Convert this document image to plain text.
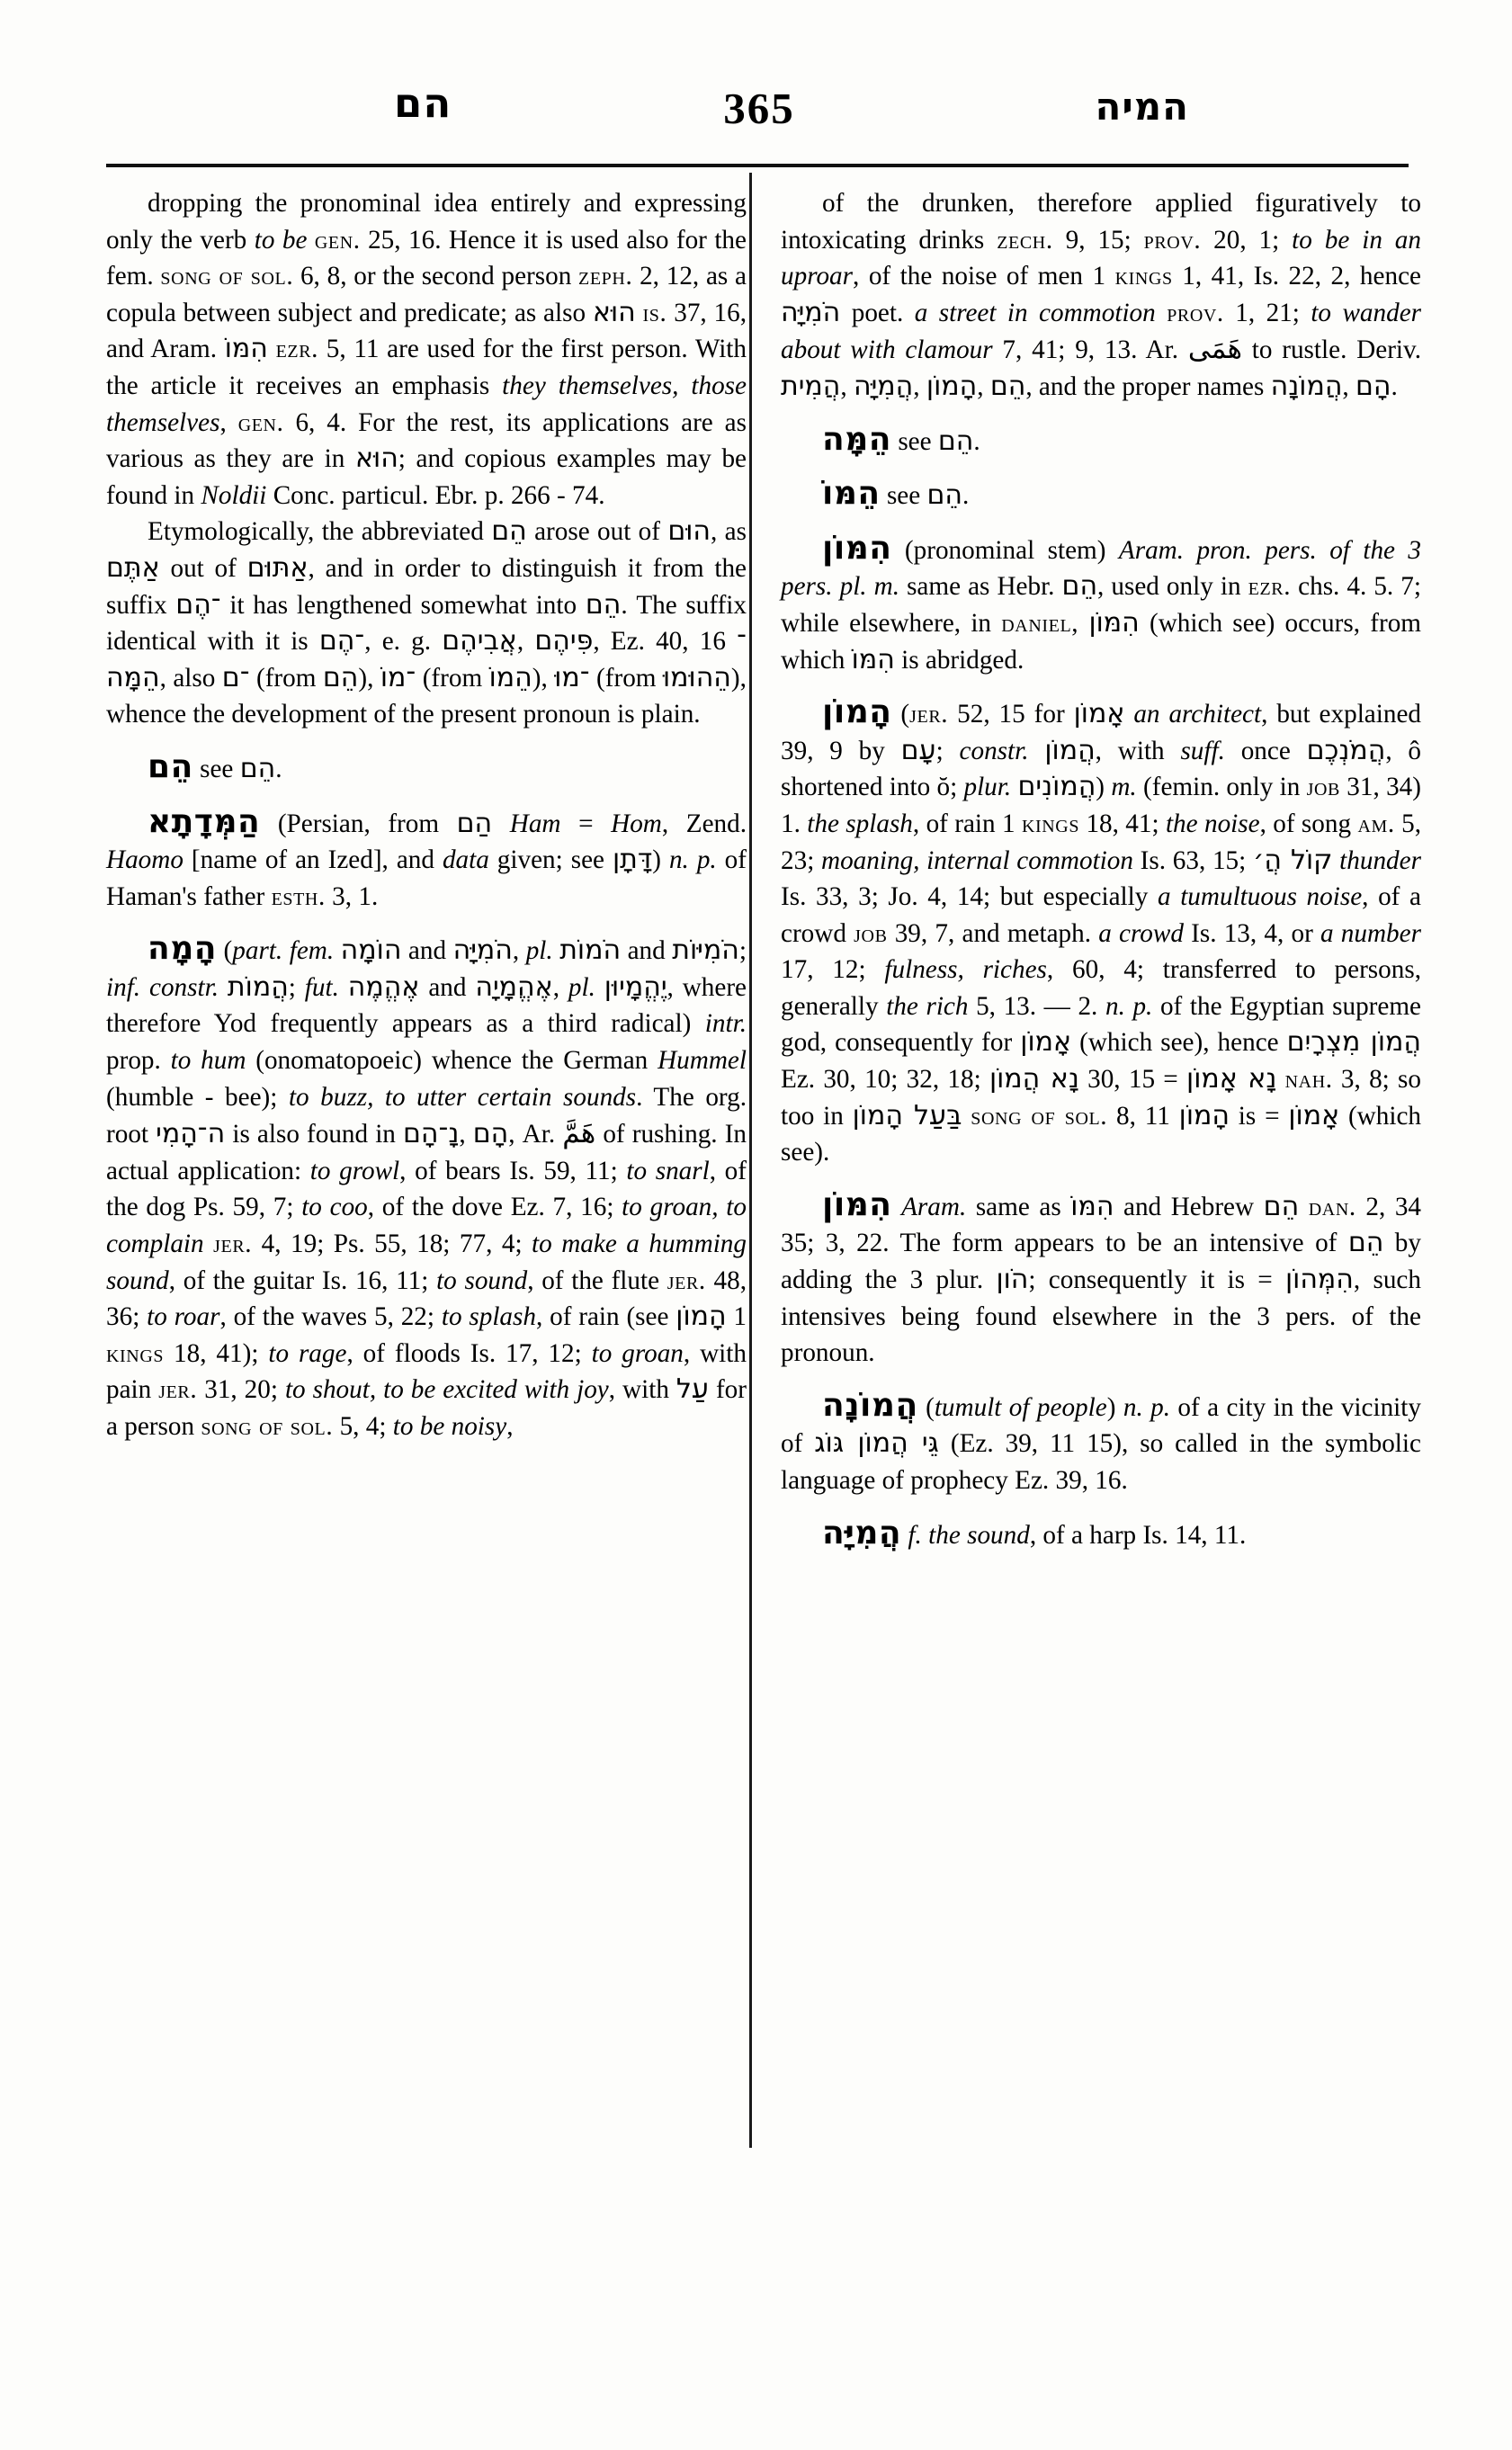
הם	365	המיה

dropping the pronominal idea entirely and expressing only the verb to be gen. 25, 16. Hence it is used also for the fem. song of sol. 6, 8, or the second person zeph. 2, 12, as a copula between subject and predicate; as also הוּא is. 37, 16, and Aram. הִמּוֹ ezr. 5, 11 are used for the first person. With the article it receives an emphasis they themselves, those themselves, gen. 6, 4. For the rest, its applications are as various as they are in הוּא; and copious examples may be found in Noldii Conc. particul. Ebr. p. 266 - 74.

Etymologically, the abbreviated הֵם arose out of הוּם, as אַתֶּם out of אַתּוּם, and in order to distinguish it from the suffix ־הֶם it has lengthened somewhat into הֵם. The suffix identical with it is ־הֶם, e. g. אֲבִיהֶם, פִּיהֶם, Ez. 40, 16 ־הֵמָּה, also ־ם (from הֵם), ־מוֹ (from הֵמוֹ), ־מוּ (from הֵהוּמוּ), whence the development of the present pronoun is plain.

הֵם see הֵם.

הַמְּדָתָא (Persian, from הַם Ham = Hom, Zend. Haomo [name of an Ized], and data given; see דָּתָן) n. p. of Haman's father esth. 3, 1.

הָמָה (part. fem. הוֹמָה and הֹמִיָּה, pl. הֹמוֹת and הֹמִיּוֹת; inf. constr. הֲמוֹת; fut. אֶהֱמֶה and אֶהֱמָיָה, pl. יֶהֱמָיוּן, where therefore Yod frequently appears as a third radical) intr. prop. to hum (onomatopoeic) whence the German Hummel (humble - bee); to buzz, to utter certain sounds. The org. root ה־הָמִי is also found in נָ־הָם, הָם, Ar. هَمَّ of rushing. In actual application: to growl, of bears Is. 59, 11; to snarl, of the dog Ps. 59, 7; to coo, of the dove Ez. 7, 16; to groan, to complain jer. 4, 19; Ps. 55, 18; 77, 4; to make a humming sound, of the guitar Is. 16, 11; to sound, of the flute jer. 48, 36; to roar, of the waves 5, 22; to splash, of rain (see הָמוֹן 1 kings 18, 41); to rage, of floods Is. 17, 12; to groan, with pain jer. 31, 20; to shout, to be excited with joy, with עַל for a person song of sol. 5, 4; to be noisy,

of the drunken, therefore applied figuratively to intoxicating drinks zech. 9, 15; prov. 20, 1; to be in an uproar, of the noise of men 1 kings 1, 41, Is. 22, 2, hence הֹמִיָּה poet. a street in commotion prov. 1, 21; to wander about with clamour 7, 41; 9, 13. Ar. هَمَى to rustle. Deriv. הֲמִית, הֲמִיָּה, הָמוֹן, הֵם, and the proper names הֲמוֹנָה, הָם.

הֵמָּה see הֵם.

הֵמּוֹ see הֵם.

הִמּוֹן (pronominal stem) Aram. pron. pers. of the 3 pers. pl. m. same as Hebr. הֵם, used only in ezr. chs. 4. 5. 7; while elsewhere, in daniel, הִמּוֹן (which see) occurs, from which הִמּוֹ is abridged.

הָמוֹן (jer. 52, 15 for אָמוֹן an architect, but explained 39, 9 by עָם; constr. הֲמוֹן, with suff. once הֲמֹנְכֶם, ô shortened into ŏ; plur. הֲמוֹנִים) m. (femin. only in job 31, 34) 1. the splash, of rain 1 kings 18, 41; the noise, of song am. 5, 23; moaning, internal commotion Is. 63, 15; קוֹל הֲ׳ thunder Is. 33, 3; Jo. 4, 14; but especially a tumultuous noise, of a crowd job 39, 7, and metaph. a crowd Is. 13, 4, or a number 17, 12; fulness, riches, 60, 4; transferred to persons, generally the rich 5, 13. — 2. n. p. of the Egyptian supreme god, consequently for אָמוֹן (which see), hence הֲמוֹן מִצְרָיִם Ez. 30, 10; 32, 18; נָא הֲמוֹן 30, 15 = נָא אָמוֹן nah. 3, 8; so too in בַּעַל הָמוֹן song of sol. 8, 11 הָמוֹן is = אָמוֹן (which see).

הִמּוֹן Aram. same as הִמּוֹ and Hebrew הֵם dan. 2, 34 35; 3, 22. The form appears to be an intensive of הֵם by adding the 3 plur. הֹון; consequently it is = הִמְּהוֹן, such intensives being found elsewhere in the 3 pers. of the pronoun.

הֲמוֹנָה (tumult of people) n. p. of a city in the vicinity of גֵּי הֲמוֹן גּוֹג (Ez. 39, 11 15), so called in the symbolic language of prophecy Ez. 39, 16.

הֲמִיָּה f. the sound, of a harp Is. 14, 11.
